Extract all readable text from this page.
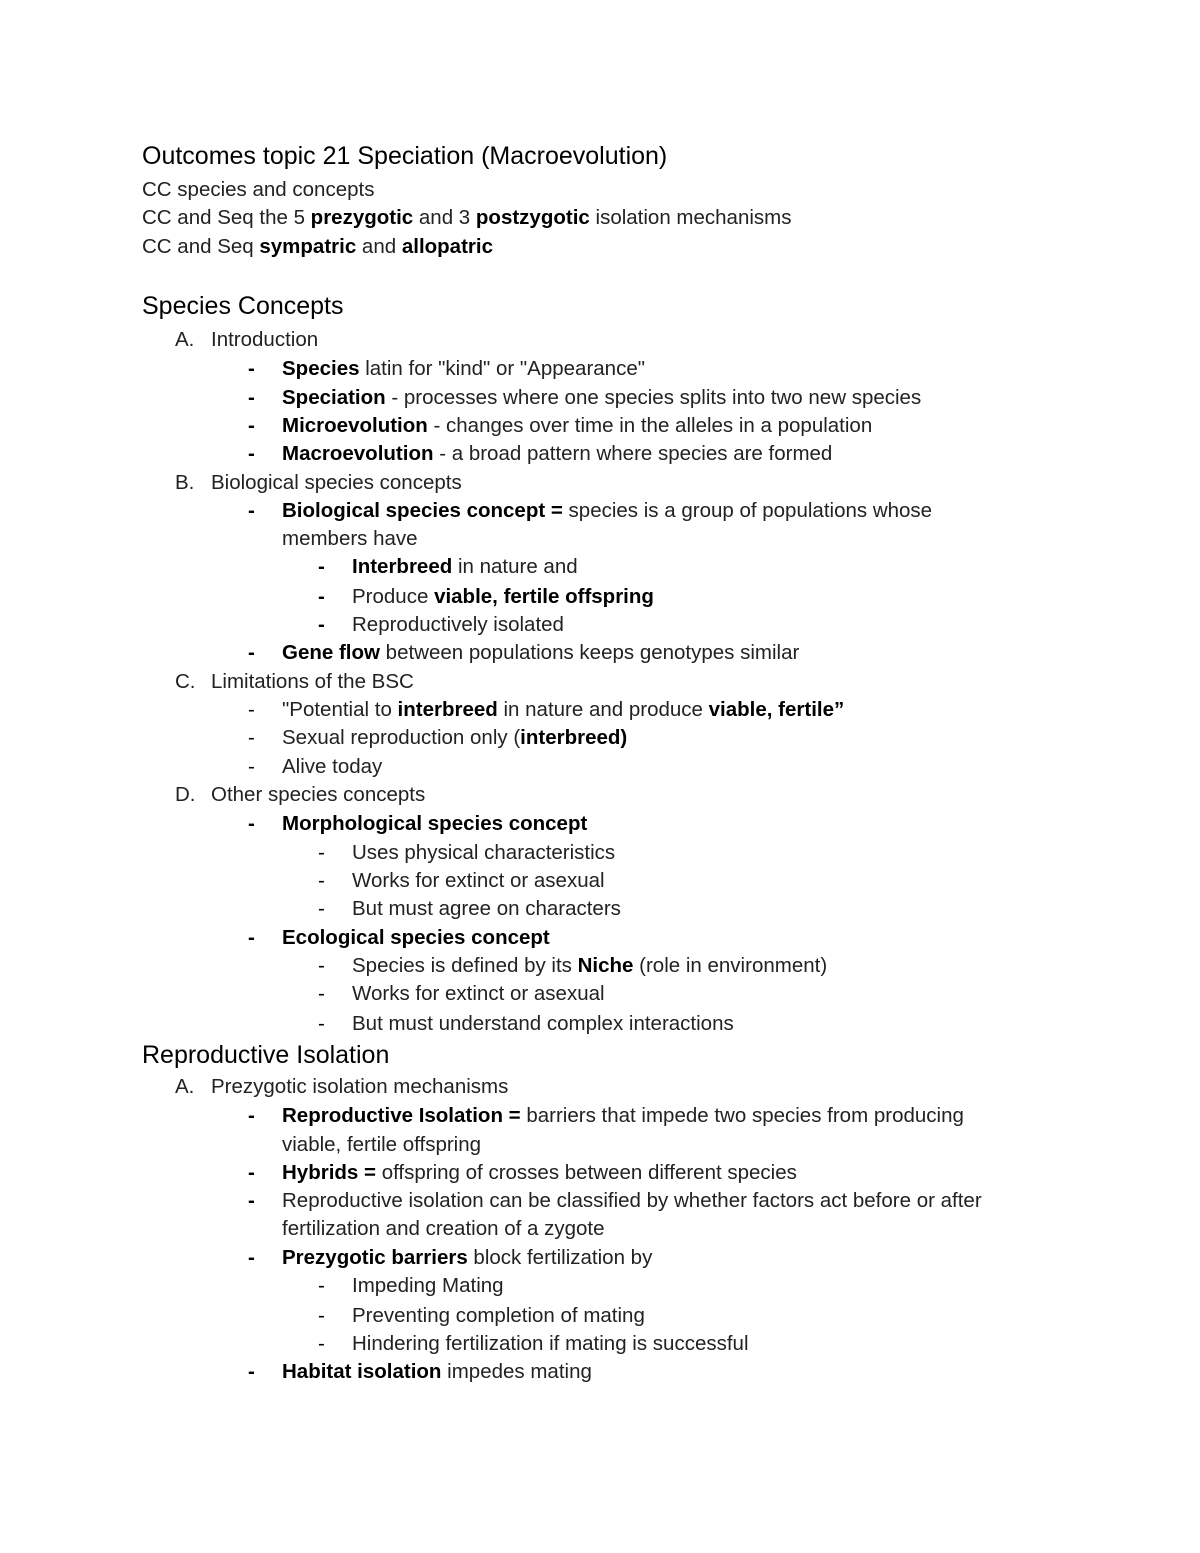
Outcomes topic 21 Speciation (Macroevolution)
CC species and concepts
CC and Seq the 5 prezygotic and 3 postzygotic isolation mechanisms
CC and Seq sympatric and allopatric
Species Concepts
A. Introduction
-	Species latin for "kind" or "Appearance"
-	Speciation - processes where one species splits into two new species
-	Microevolution - changes over time in the alleles in a population
-	Macroevolution - a broad pattern where species are formed
B. Biological species concepts
-	Biological species concept = species is a group of populations whose
members have
-	Interbreed in nature and
-	Produce viable, fertile offspring
-	Reproductively isolated
-	Gene flow between populations keeps genotypes similar
C. Limitations of the BSC
-	"Potential to interbreed in nature and produce viable, fertile”
-	Sexual reproduction only (interbreed)
-	Alive today
D. Other species concepts
-	Morphological species concept
-	Uses physical characteristics
-	Works for extinct or asexual
-	But must agree on characters
-	Ecological species concept
-	Species is defined by its Niche (role in environment)
-	Works for extinct or asexual
-	But must understand complex interactions
Reproductive Isolation
A. Prezygotic isolation mechanisms
-	Reproductive Isolation = barriers that impede two species from producing
viable, fertile offspring
-	Hybrids = offspring of crosses between different species
-	Reproductive isolation can be classified by whether factors act before or after
fertilization and creation of a zygote
-	Prezygotic barriers block fertilization by
-	Impeding Mating
-	Preventing completion of mating
-	Hindering fertilization if mating is successful
-	Habitat isolation impedes mating
